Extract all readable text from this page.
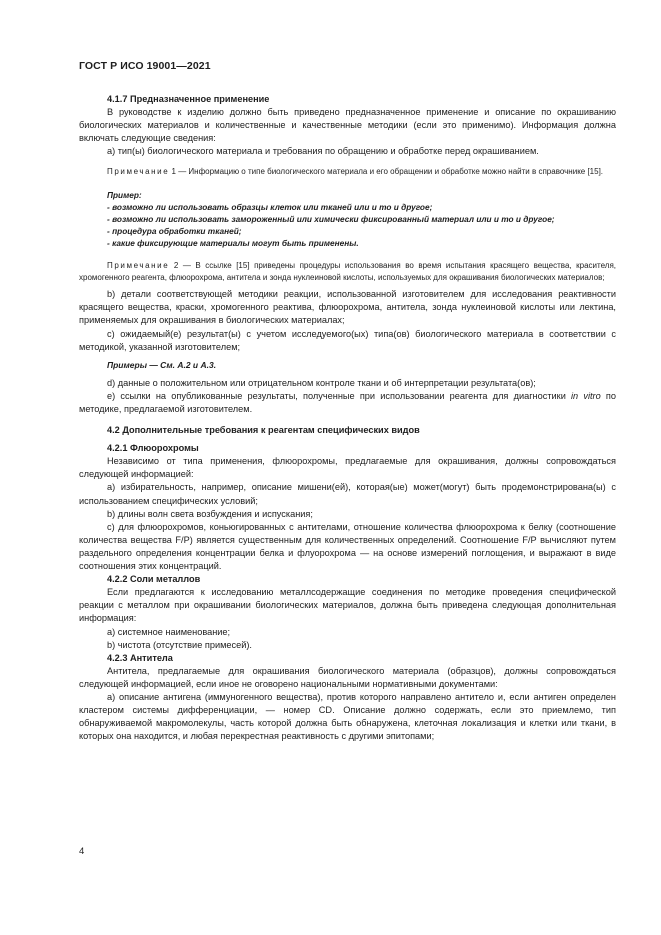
ГОСТ Р ИСО 19001—2021

4.1.7 Предназначенное применение

В руководстве к изделию должно быть приведено предназначенное применение и описание по окрашиванию биологических материалов и количественные и качественные методики (если это применимо). Информация должна включать следующие сведения:

а) тип(ы) биологического материала и требования по обращению и обработке перед окрашиванием.

Примечание 1 — Информацию о типе биологического материала и его обращении и обработке можно найти в справочнике [15].

Пример:

- возможно ли использовать образцы клеток или тканей или и то и другое;

- возможно ли использовать замороженный или химически фиксированный материал или и то и другое;

- процедура обработки тканей;

- какие фиксирующие материалы могут быть применены.

Примечание 2 — В ссылке [15] приведены процедуры использования во время испытания красящего вещества, красителя, хромогенного реагента, флюорохрома, антитела и зонда нуклеиновой кислоты, используемых для окрашивания биологических материалов;

b) детали соответствующей методики реакции, использованной изготовителем для исследования реактивности красящего вещества, краски, хромогенного реактива, флюорохрома, антитела, зонда нуклеиновой кислоты или лектина, применяемых для окрашивания в биологических материалах;

c) ожидаемый(е) результат(ы) с учетом исследуемого(ых) типа(ов) биологического материала в соответствии с методикой, указанной изготовителем;

Примеры — См. А.2 и А.3.

d) данные о положительном или отрицательном контроле ткани и об интерпретации результата(ов);

e) ссылки на опубликованные результаты, полученные при использовании реагента для диагностики in vitro по методике, предлагаемой изготовителем.

4.2 Дополнительные требования к реагентам специфических видов

4.2.1 Флюорохромы

Независимо от типа применения, флюорохромы, предлагаемые для окрашивания, должны сопровождаться следующей информацией:

а) избирательность, например, описание мишени(ей), которая(ые) может(могут) быть продемонстрирована(ы) с использованием специфических условий;

b) длины волн света возбуждения и испускания;

c) для флюорохромов, коньюгированных с антителами, отношение количества флюорохрома к белку (соотношение количества вещества F/P) является существенным для количественных определений. Соотношение F/P вычисляют путем раздельного определения концентрации белка и флуорохрома — на основе измерений поглощения, и выражают в виде соотношения этих концентраций.

4.2.2 Соли металлов

Если предлагаются к исследованию металлсодержащие соединения по методике проведения специфической реакции с металлом при окрашивании биологических материалов, должна быть приведена следующая дополнительная информация:

а) системное наименование;

b) чистота (отсутствие примесей).

4.2.3 Антитела

Антитела, предлагаемые для окрашивания биологического материала (образцов), должны сопровождаться следующей информацией, если иное не оговорено национальными нормативными документами:

а) описание антигена (иммуногенного вещества), против которого направлено антитело и, если антиген определен кластером системы дифференциации, — номер CD. Описание должно содержать, если это приемлемо, тип обнаруживаемой макромолекулы, часть которой должна быть обнаружена, клеточная локализация и клетки или ткани, в которых она находится, и любая перекрестная реактивность с другими эпитопами;

4
